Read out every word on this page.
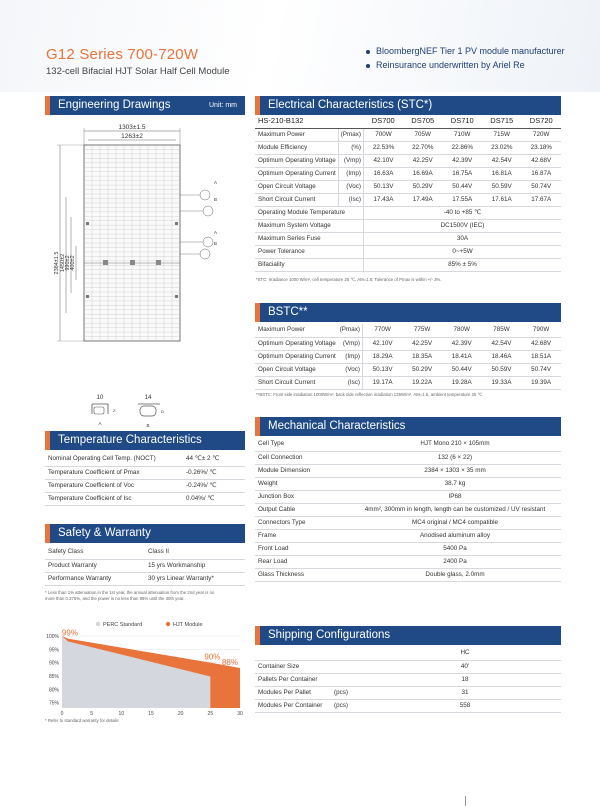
G12 Series 700-720W
132-cell Bifacial HJT Solar Half Cell Module
BloombergNEF Tier 1 PV module manufacturer
Reinsurance underwritten by Ariel Re
Engineering Drawings	Unit: mm
1303±1.5
1263±2
2384±1.5 1450±2 990±2 400±2
A
B
A
B
10
Z
A
14
D
B
Electrical Characteristics (STC*)
HS-210-B132		DS700	DS705	DS710	DS715	DS720
Maximum Power	(Pmax)	700W	705W	710W	715W	720W
Module Efficiency	(%)	22.53%	22.70%	22.86%	23.02%	23.18%
Optimum Operating Voltage	(Vmp)	42.10V	42.25V	42.39V	42.54V	42.68V
Optimum Operating Current	(Imp)	16.63A	16.69A	16.75A	16.81A	16.87A
Open Circuit Voltage	(Voc)	50.13V	50.29V	50.44V	50.59V	50.74V
Short Circuit Current	(Isc)	17.43A	17.49A	17.55A	17.61A	17.67A
Operating Module Temperature		-40 to +85 ℃				
Maximum System Voltage		DC1500V (IEC)				
Maximum Series Fuse		30A				
Power Tolerance		0~+5W				
Bifaciality		85% ± 5%				
*STC: Irradiance 1000 W/m², cell temperature 25 ℃, AM=1.5; Tolerance of Pmax is within +/- 3%.
BSTC**
Maximum Power	(Pmax)	770W	775W	780W	785W	790W
Optimum Operating Voltage	(Vmp)	42.10V	42.25V	42.39V	42.54V	42.68V
Optimum Operating Current	(Imp)	18.29A	18.35A	18.41A	18.46A	18.51A
Open Circuit Voltage	(Voc)	50.13V	50.29V	50.44V	50.59V	50.74V
Short Circuit Current	(Isc)	19.17A	19.22A	19.28A	19.33A	19.39A
**BSTC: Front side irradiation 1000W/m², back side reflection irradiation 135W/m², AM=1.5, ambient temperature 25 ℃
Temperature Characteristics
Nominal Operating Cell Temp. (NOCT)	44 ℃± 2 ℃
Temperature Coefficient of Pmax	-0.26%/ ℃
Temperature Coefficient of Voc	-0.24%/ ℃
Temperature Coefficient of Isc	0.04%/ ℃
Safety & Warranty
Safety Class	Class II
Product Warranty	15 yrs Workmanship
Performance Warranty	30 yrs Linear Warranty*
* Less than 1% attenuation in the 1st year, the annual attenuation from the 2nd year is no
more than 0.375%, and the power is no less than 88% until the 30th year.
100%
95%
90%
85%
80%
75%
0	5	10	15	20	25	30
99%
90%
88%
PERC Standard	HJT Module
* Refer to standard warranty for details
Mechanical Characteristics
Cell Type	HJT Mono 210 × 105mm
Cell Connection	132 (6 × 22)
Module Dimension	2384 × 1303 × 35 mm
Weight	38.7 kg
Junction Box	IP68
Output Cable	4mm², 300mm in length, length can be customized / UV resistant
Connectors Type	MC4 original / MC4 compatible
Frame	Anodised aluminum alloy
Front Load	5400 Pa
Rear Load	2400 Pa
Glass Thickness	Double glass, 2.0mm
Shipping Configurations
		HC
Container Size		40'
Pallets Per Container		18
Modules Per Pallet	(pcs)	31
Modules Per Container	(pcs)	558
